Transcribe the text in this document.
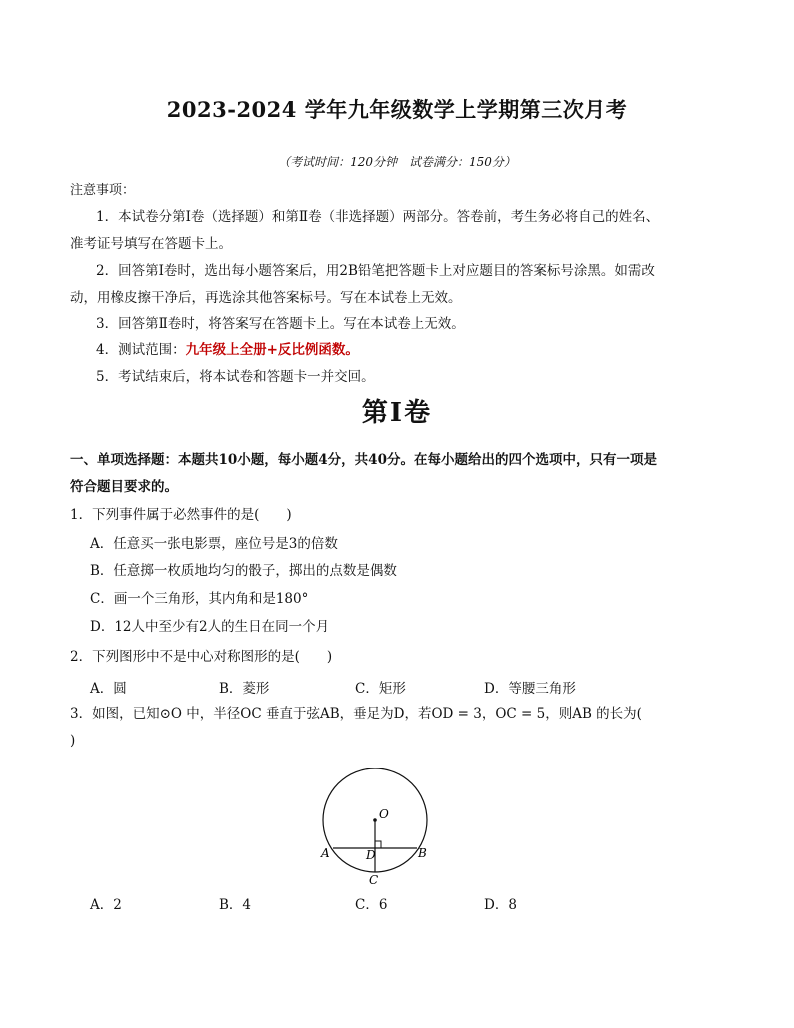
2023-2024 学年九年级数学上学期第三次月考
（考试时间：120分钟　试卷满分：150分）
注意事项：
1．本试卷分第Ⅰ卷（选择题）和第Ⅱ卷（非选择题）两部分。答卷前，考生务必将自己的姓名、
准考证号填写在答题卡上。
2．回答第Ⅰ卷时，选出每小题答案后，用2B铅笔把答题卡上对应题目的答案标号涂黑。如需改
动，用橡皮擦干净后，再选涂其他答案标号。写在本试卷上无效。
3．回答第Ⅱ卷时，将答案写在答题卡上。写在本试卷上无效。
4．测试范围：九年级上全册+反比例函数。
5．考试结束后，将本试卷和答题卡一并交回。
第Ⅰ卷
一、单项选择题：本题共10小题，每小题4分，共40分。在每小题给出的四个选项中，只有一项是
符合题目要求的。
1．下列事件属于必然事件的是(　　)
A．任意买一张电影票，座位号是3的倍数
B．任意掷一枚质地均匀的骰子，掷出的点数是偶数
C．画一个三角形，其内角和是180°
D．12人中至少有2人的生日在同一个月
2．下列图形中不是中心对称图形的是(　　)
A．圆	B．菱形	C．矩形	D．等腰三角形
3．如图，已知⊙O 中，半径OC 垂直于弦AB，垂足为D，若OD = 3，OC = 5，则AB 的长为(
)
O
A	B
D
C
A．2	B．4	C．6	D．8
